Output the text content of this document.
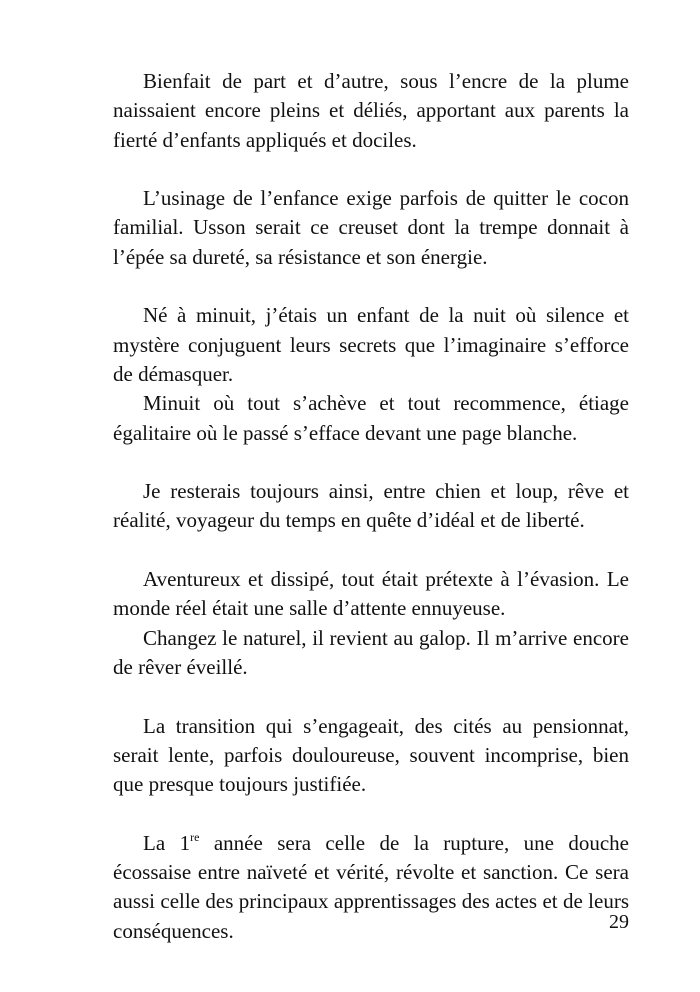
Bienfait de part et d’autre, sous l’encre de la plume naissaient encore pleins et déliés, apportant aux parents la fierté d’enfants appliqués et dociles.

L’usinage de l’enfance exige parfois de quitter le cocon familial. Usson serait ce creuset dont la trempe donnait à l’épée sa dureté, sa résistance et son énergie.

Né à minuit, j’étais un enfant de la nuit où silence et mystère conjuguent leurs secrets que l’imaginaire s’efforce de démasquer.

Minuit où tout s’achève et tout recommence, étiage égalitaire où le passé s’efface devant une page blanche.

Je resterais toujours ainsi, entre chien et loup, rêve et réalité, voyageur du temps en quête d’idéal et de liberté.

Aventureux et dissipé, tout était prétexte à l’évasion. Le monde réel était une salle d’attente ennuyeuse.

Changez le naturel, il revient au galop. Il m’arrive encore de rêver éveillé.

La transition qui s’engageait, des cités au pensionnat, serait lente, parfois douloureuse, souvent incomprise, bien que presque toujours justifiée.

La 1re année sera celle de la rupture, une douche écossaise entre naïveté et vérité, révolte et sanction. Ce sera aussi celle des principaux apprentissages des actes et de leurs conséquences.	29
